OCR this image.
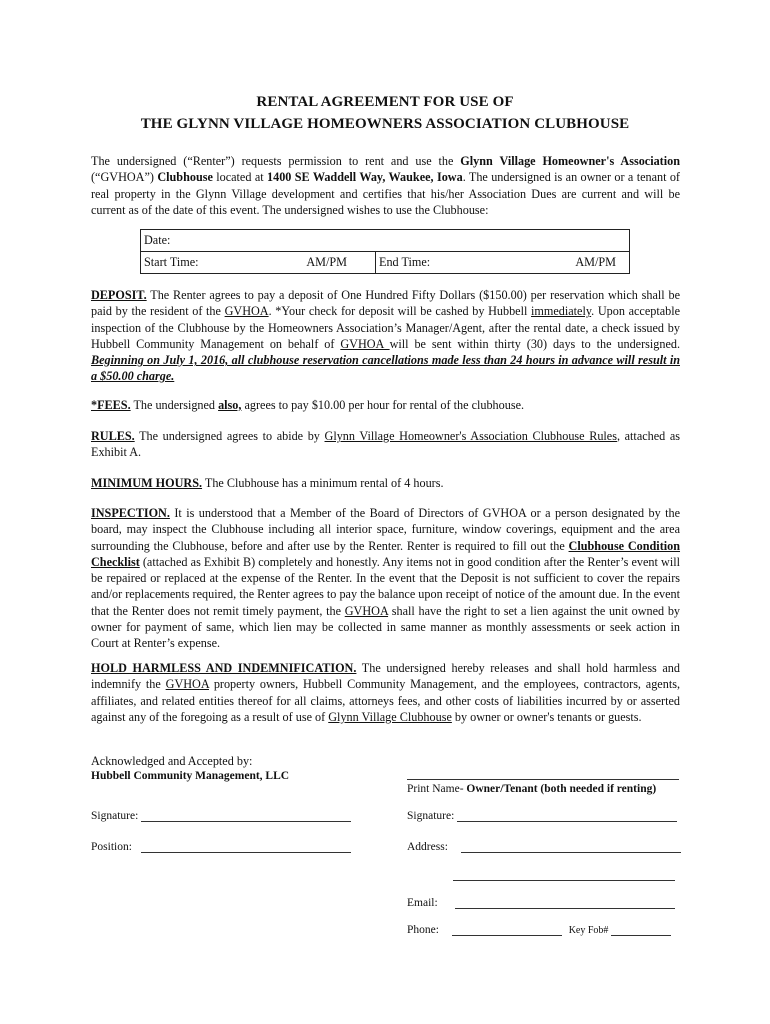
RENTAL AGREEMENT FOR USE OF
THE GLYNN VILLAGE HOMEOWNERS ASSOCIATION CLUBHOUSE

The undersigned (“Renter”) requests permission to rent and use the Glynn Village Homeowner's Association (“GVHOA”) Clubhouse located at 1400 SE Waddell Way, Waukee, Iowa. The undersigned is an owner or a tenant of real property in the Glynn Village development and certifies that his/her Association Dues are current and will be current as of the date of this event. The undersigned wishes to use the Clubhouse:

Date:
Start Time:	AM/PM	End Time:	AM/PM

DEPOSIT. The Renter agrees to pay a deposit of One Hundred Fifty Dollars ($150.00) per reservation which shall be paid by the resident of the GVHOA. *Your check for deposit will be cashed by Hubbell immediately. Upon acceptable inspection of the Clubhouse by the Homeowners Association’s Manager/Agent, after the rental date, a check issued by Hubbell Community Management on behalf of GVHOA will be sent within thirty (30) days to the undersigned. Beginning on July 1, 2016, all clubhouse reservation cancellations made less than 24 hours in advance will result in a $50.00 charge.

*FEES. The undersigned also, agrees to pay $10.00 per hour for rental of the clubhouse.

RULES. The undersigned agrees to abide by Glynn Village Homeowner's Association Clubhouse Rules, attached as Exhibit A.

MINIMUM HOURS. The Clubhouse has a minimum rental of 4 hours.

INSPECTION. It is understood that a Member of the Board of Directors of GVHOA or a person designated by the board, may inspect the Clubhouse including all interior space, furniture, window coverings, equipment and the area surrounding the Clubhouse, before and after use by the Renter. Renter is required to fill out the Clubhouse Condition Checklist (attached as Exhibit B) completely and honestly. Any items not in good condition after the Renter’s event will be repaired or replaced at the expense of the Renter. In the event that the Deposit is not sufficient to cover the repairs and/or replacements required, the Renter agrees to pay the balance upon receipt of notice of the amount due. In the event that the Renter does not remit timely payment, the GVHOA shall have the right to set a lien against the unit owned by owner for payment of same, which lien may be collected in same manner as monthly assessments or seek action in Court at Renter’s expense.

HOLD HARMLESS AND INDEMNIFICATION. The undersigned hereby releases and shall hold harmless and indemnify the GVHOA property owners, Hubbell Community Management, and the employees, contractors, agents, affiliates, and related entities thereof for all claims, attorneys fees, and other costs of liabilities incurred by or asserted against any of the foregoing as a result of use of Glynn Village Clubhouse by owner or owner's tenants or guests.

Acknowledged and Accepted by:
Hubbell Community Management, LLC
Print Name- Owner/Tenant (both needed if renting)
Signature:	Signature:
Position:	Address:
Email:
Phone:	Key Fob#
